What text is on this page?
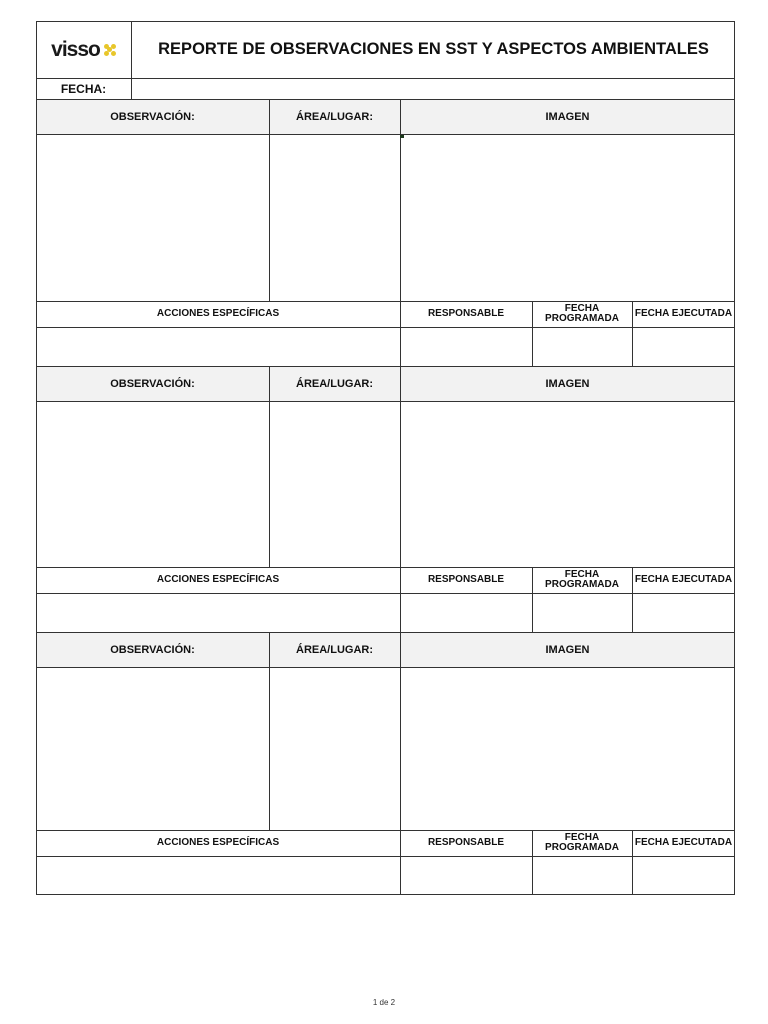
visso	REPORTE DE OBSERVACIONES EN SST Y ASPECTOS AMBIENTALES
FECHA:
OBSERVACIÓN:	ÁREA/LUGAR:	IMAGEN
ACCIONES ESPECÍFICAS	RESPONSABLE	FECHA PROGRAMADA	FECHA EJECUTADA
OBSERVACIÓN:	ÁREA/LUGAR:	IMAGEN
ACCIONES ESPECÍFICAS	RESPONSABLE	FECHA PROGRAMADA	FECHA EJECUTADA
OBSERVACIÓN:	ÁREA/LUGAR:	IMAGEN
ACCIONES ESPECÍFICAS	RESPONSABLE	FECHA PROGRAMADA	FECHA EJECUTADA
1 de 2
